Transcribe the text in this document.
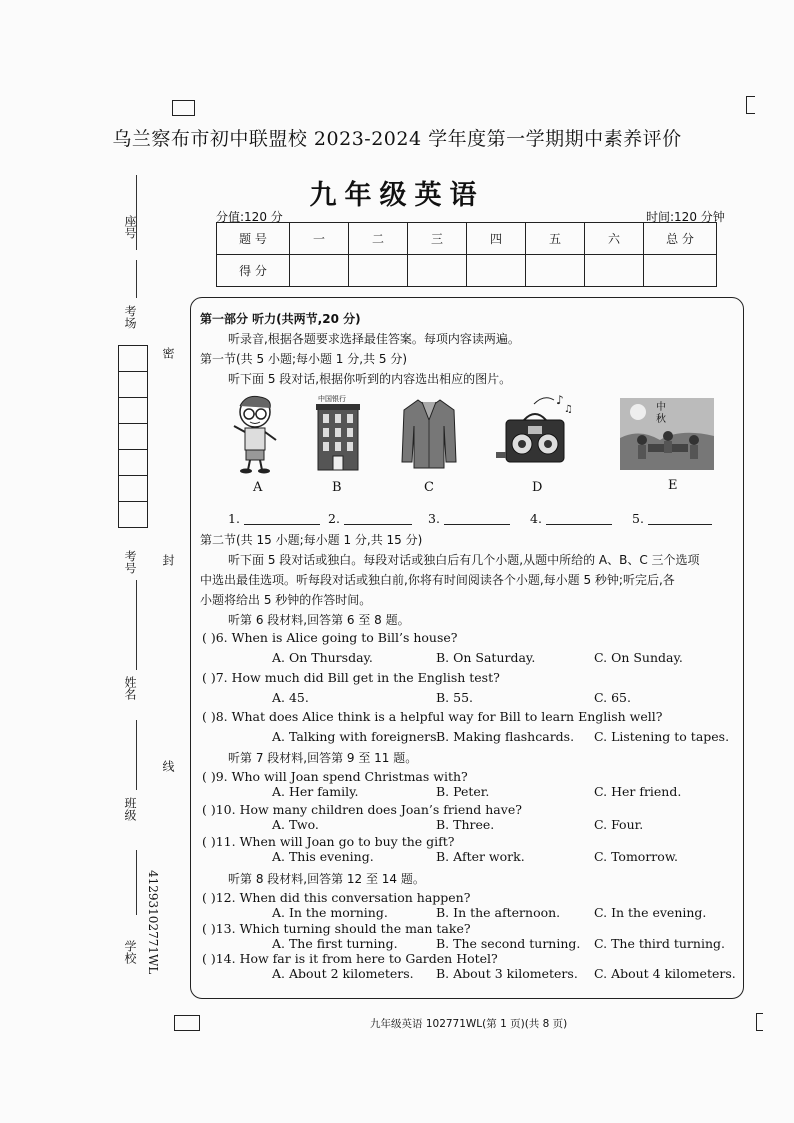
座号
考场
考号
姓名
班级
学校 41293102771WL
密
封
线
乌兰察布市初中联盟校 2023-2024 学年度第一学期期中素养评价
九年级英语
分值:120 分	时间:120 分钟
题 号	一	二	三	四	五	六	总 分
得 分							
第一部分 听力(共两节,20 分)
听录音,根据各题要求选择最佳答案。每项内容读两遍。
第一节(共 5 小题;每小题 1 分,共 5 分)
听下面 5 段对话,根据你听到的内容选出相应的图片。
A
中国银行
B	C
♪
♫
D
中 秋
E
1.	2.	3.	4.	5.
第二节(共 15 小题;每小题 1 分,共 15 分)
听下面 5 段对话或独白。每段对话或独白后有几个小题,从题中所给的 A、B、C 三个选项
中选出最佳选项。听每段对话或独白前,你将有时间阅读各个小题,每小题 5 秒钟;听完后,各
小题将给出 5 秒钟的作答时间。
听第 6 段材料,回答第 6 至 8 题。
( )6. When is Alice going to Bill’s house?
A. On Thursday.	B. On Saturday.	C. On Sunday.
( )7. How much did Bill get in the English test?
A. 45.	B. 55.	C. 65.
( )8. What does Alice think is a helpful way for Bill to learn English well?
A. Talking with foreigners.
B. Making flashcards. C. Listening to tapes.
听第 7 段材料,回答第 9 至 11 题。
( )9. Who will Joan spend Christmas with?
A. Her family.	B. Peter.	C. Her friend.
( )10. How many children does Joan’s friend have?
A. Two.	B. Three.	C. Four.
( )11. When will Joan go to buy the gift?
A. This evening.	B. After work.	C. Tomorrow.
听第 8 段材料,回答第 12 至 14 题。
( )12. When did this conversation happen?
A. In the morning.	B. In the afternoon.	C. In the evening.
( )13. Which turning should the man take?
A. The first turning.	B. The second turning. C. The third turning.
( )14. How far is it from here to Garden Hotel?
A. About 2 kilometers. B. About 3 kilometers. C. About 4 kilometers.
九年级英语 102771WL(第 1 页)(共 8 页)
